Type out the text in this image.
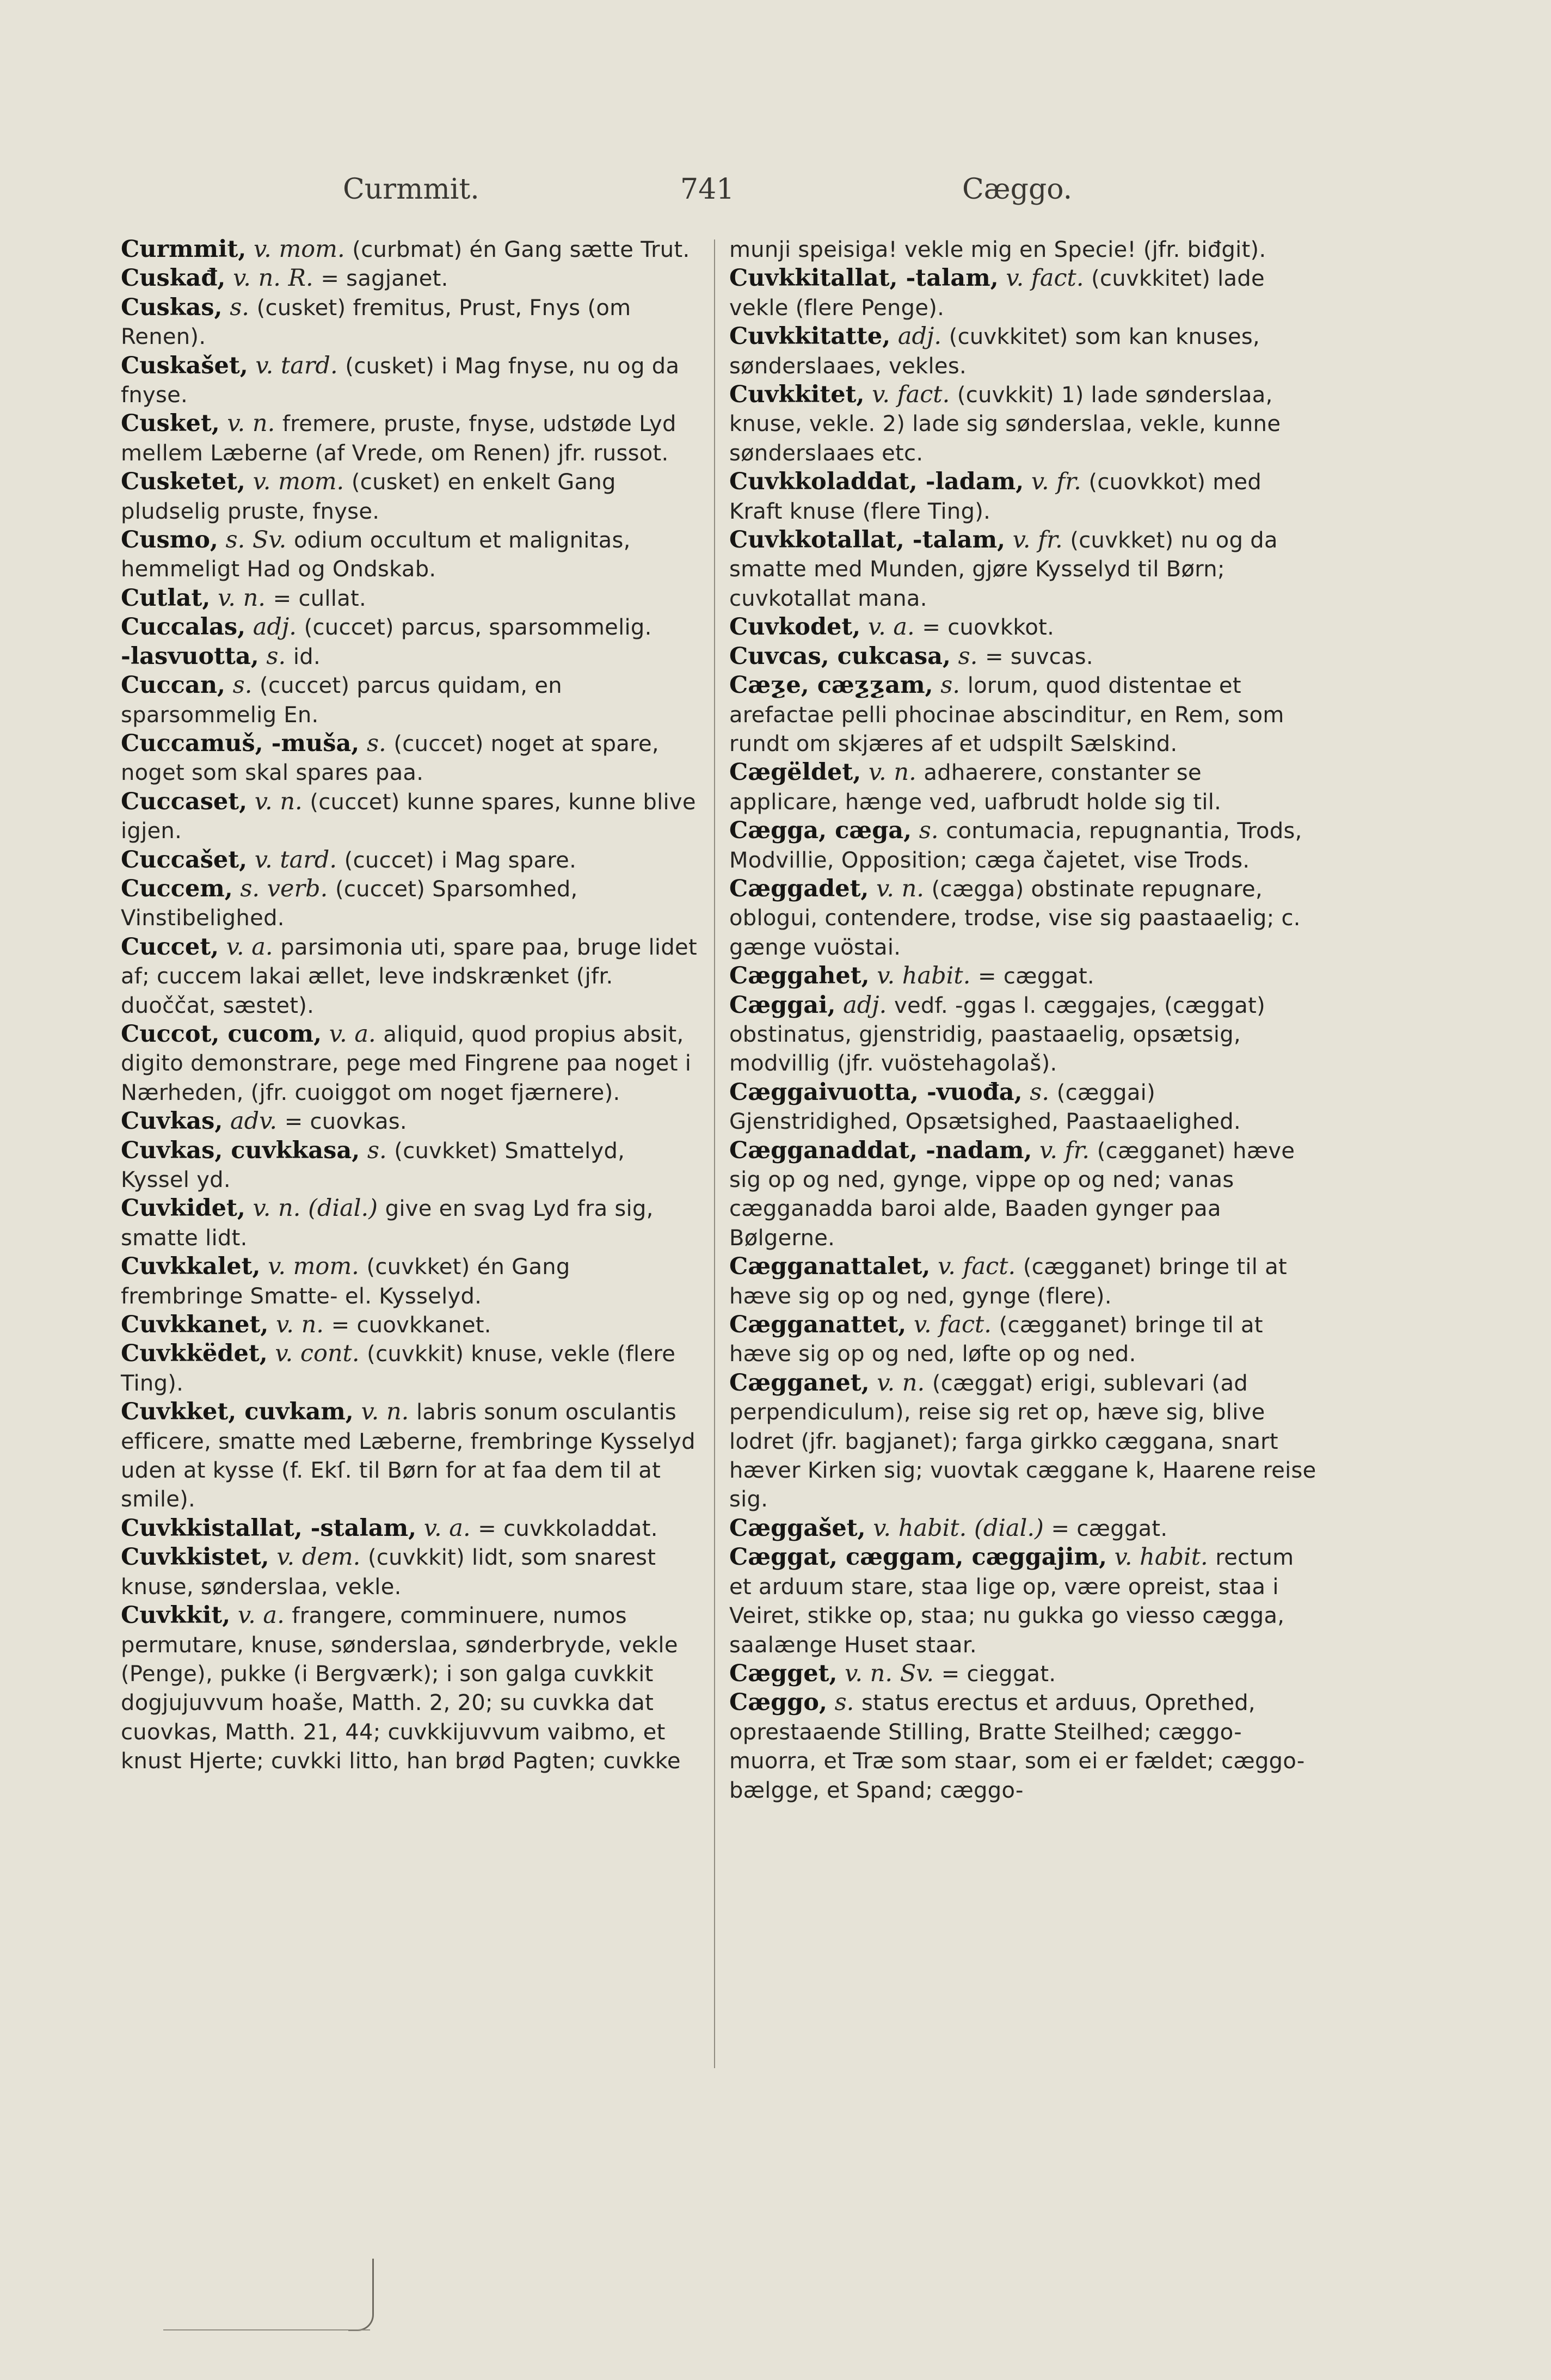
Curmmit.	741	Cæggo.

Curmmit, v. mom. (curbmat) én Gang sætte Trut.

Cuskađ, v. n. R. = sagjanet.

Cuskas, s. (cusket) fremitus, Prust, Fnys (om Renen).

Cuskašet, v. tard. (cusket) i Mag fnyse, nu og da fnyse.

Cusket, v. n. fremere, pruste, fnyse, udstøde Lyd mellem Læberne (af Vrede, om Renen) jfr. russot.

Cusketet, v. mom. (cusket) en enkelt Gang pludselig pruste, fnyse.

Cusmo, s. Sv. odium occultum et malignitas, hemmeligt Had og Ondskab.

Cutlat, v. n. = cullat.

Cuccalas, adj. (cuccet) parcus, sparsommelig.

-lasvuotta, s. id.

Cuccan, s. (cuccet) parcus quidam, en sparsommelig En.

Cuccamuš, -muša, s. (cuccet) noget at spare, noget som skal spares paa.

Cuccaset, v. n. (cuccet) kunne spares, kunne blive igjen.

Cuccašet, v. tard. (cuccet) i Mag spare.

Cuccem, s. verb. (cuccet) Sparsomhed, Vinstibelighed.

Cuccet, v. a. parsimonia uti, spare paa, bruge lidet af; cuccem lakai ællet, leve indskrænket (jfr. duoččat, sæstet).

Cuccot, cucom, v. a. aliquid, quod propius absit, digito demonstrare, pege med Fingrene paa noget i Nærheden, (jfr. cuoiggot om noget fjærnere).

Cuvkas, adv. = cuovkas.

Cuvkas, cuvkkasa, s. (cuvkket) Smattelyd, Kyssel yd.

Cuvkidet, v. n. (dial.) give en svag Lyd fra sig, smatte lidt.

Cuvkkalet, v. mom. (cuvkket) én Gang frembringe Smatte- el. Kysselyd.

Cuvkkanet, v. n. = cuovkkanet.

Cuvkkëdet, v. cont. (cuvkkit) knuse, vekle (flere Ting).

Cuvkket, cuvkam, v. n. labris sonum osculantis efficere, smatte med Læberne, frembringe Kysselyd uden at kysse (f. Ekſ. til Børn for at faa dem til at smile).

Cuvkkistallat, -stalam, v. a. = cuvkkoladdat.

Cuvkkistet, v. dem. (cuvkkit) lidt, som snarest knuse, sønderslaa, vekle.

Cuvkkit, v. a. frangere, comminuere, numos permutare, knuse, sønderslaa, sønderbryde, vekle (Penge), pukke (i Bergværk); i son galga cuvkkit dogjujuvvum hoaše, Matth. 2, 20; su cuvkka dat cuovkas, Matth. 21, 44; cuvkkijuvvum vaibmo, et knust Hjerte; cuvkki litto, han brød Pagten; cuvkke

munji speisiga! vekle mig en Specie! (jfr. biđgit).

Cuvkkitallat, -talam, v. fact. (cuvkkitet) lade vekle (flere Penge).

Cuvkkitatte, adj. (cuvkkitet) som kan knuses, sønderslaaes, vekles.

Cuvkkitet, v. fact. (cuvkkit) 1) lade sønderslaa, knuse, vekle. 2) lade sig sønderslaa, vekle, kunne sønderslaaes etc.

Cuvkkoladdat, -ladam, v. fr. (cuovkkot) med Kraft knuse (flere Ting).

Cuvkkotallat, -talam, v. fr. (cuvkket) nu og da smatte med Munden, gjøre Kysselyd til Børn; cuvkotallat mana.

Cuvkodet, v. a. = cuovkkot.

Cuvcas, cukcasa, s. = suvcas.

Cæƺe, cæƺƺam, s. lorum, quod distentae et arefactae pelli phocinae abscinditur, en Rem, som rundt om skjæres af et udspilt Sælskind.

Cægëldet, v. n. adhaerere, constanter se applicare, hænge ved, uafbrudt holde sig til.

Cægga, cæga, s. contumacia, repugnantia, Trods, Modvillie, Opposition; cæga čajetet, vise Trods.

Cæggadet, v. n. (cægga) obstinate repugnare, oblogui, contendere, trodse, vise sig paastaaelig; c. gænge vuöstai.

Cæggahet, v. habit. = cæggat.

Cæggai, adj. vedf. -ggas l. cæggajes, (cæggat) obstinatus, gjenstridig, paastaaelig, opsætsig, modvillig (jfr. vuöstehagolaš).

Cæggaivuotta, -vuođa, s. (cæggai) Gjenstridighed, Opsætsighed, Paastaaelighed.

Cægganaddat, -nadam, v. fr. (cægganet) hæve sig op og ned, gynge, vippe op og ned; vanas cægganadda baroi alde, Baaden gynger paa Bølgerne.

Cægganattalet, v. fact. (cægganet) bringe til at hæve sig op og ned, gynge (flere).

Cægganattet, v. fact. (cægganet) bringe til at hæve sig op og ned, løfte op og ned.

Cægganet, v. n. (cæggat) erigi, sublevari (ad perpendiculum), reise sig ret op, hæve sig, blive lodret (jfr. bagjanet); farga girkko cæggana, snart hæver Kirken sig; vuovtak cæggane k, Haarene reise sig.

Cæggašet, v. habit. (dial.) = cæggat.

Cæggat, cæggam, cæggajim, v. habit. rectum et arduum stare, staa lige op, være opreist, staa i Veiret, stikke op, staa; nu gukka go viesso cægga, saalænge Huset staar.

Cægget, v. n. Sv. = cieggat.

Cæggo, s. status erectus et arduus, Oprethed, oprestaaende Stilling, Bratte Steilhed; cæggo-muorra, et Træ som staar, som ei er fældet; cæggo-bælgge, et Spand; cæggo-
